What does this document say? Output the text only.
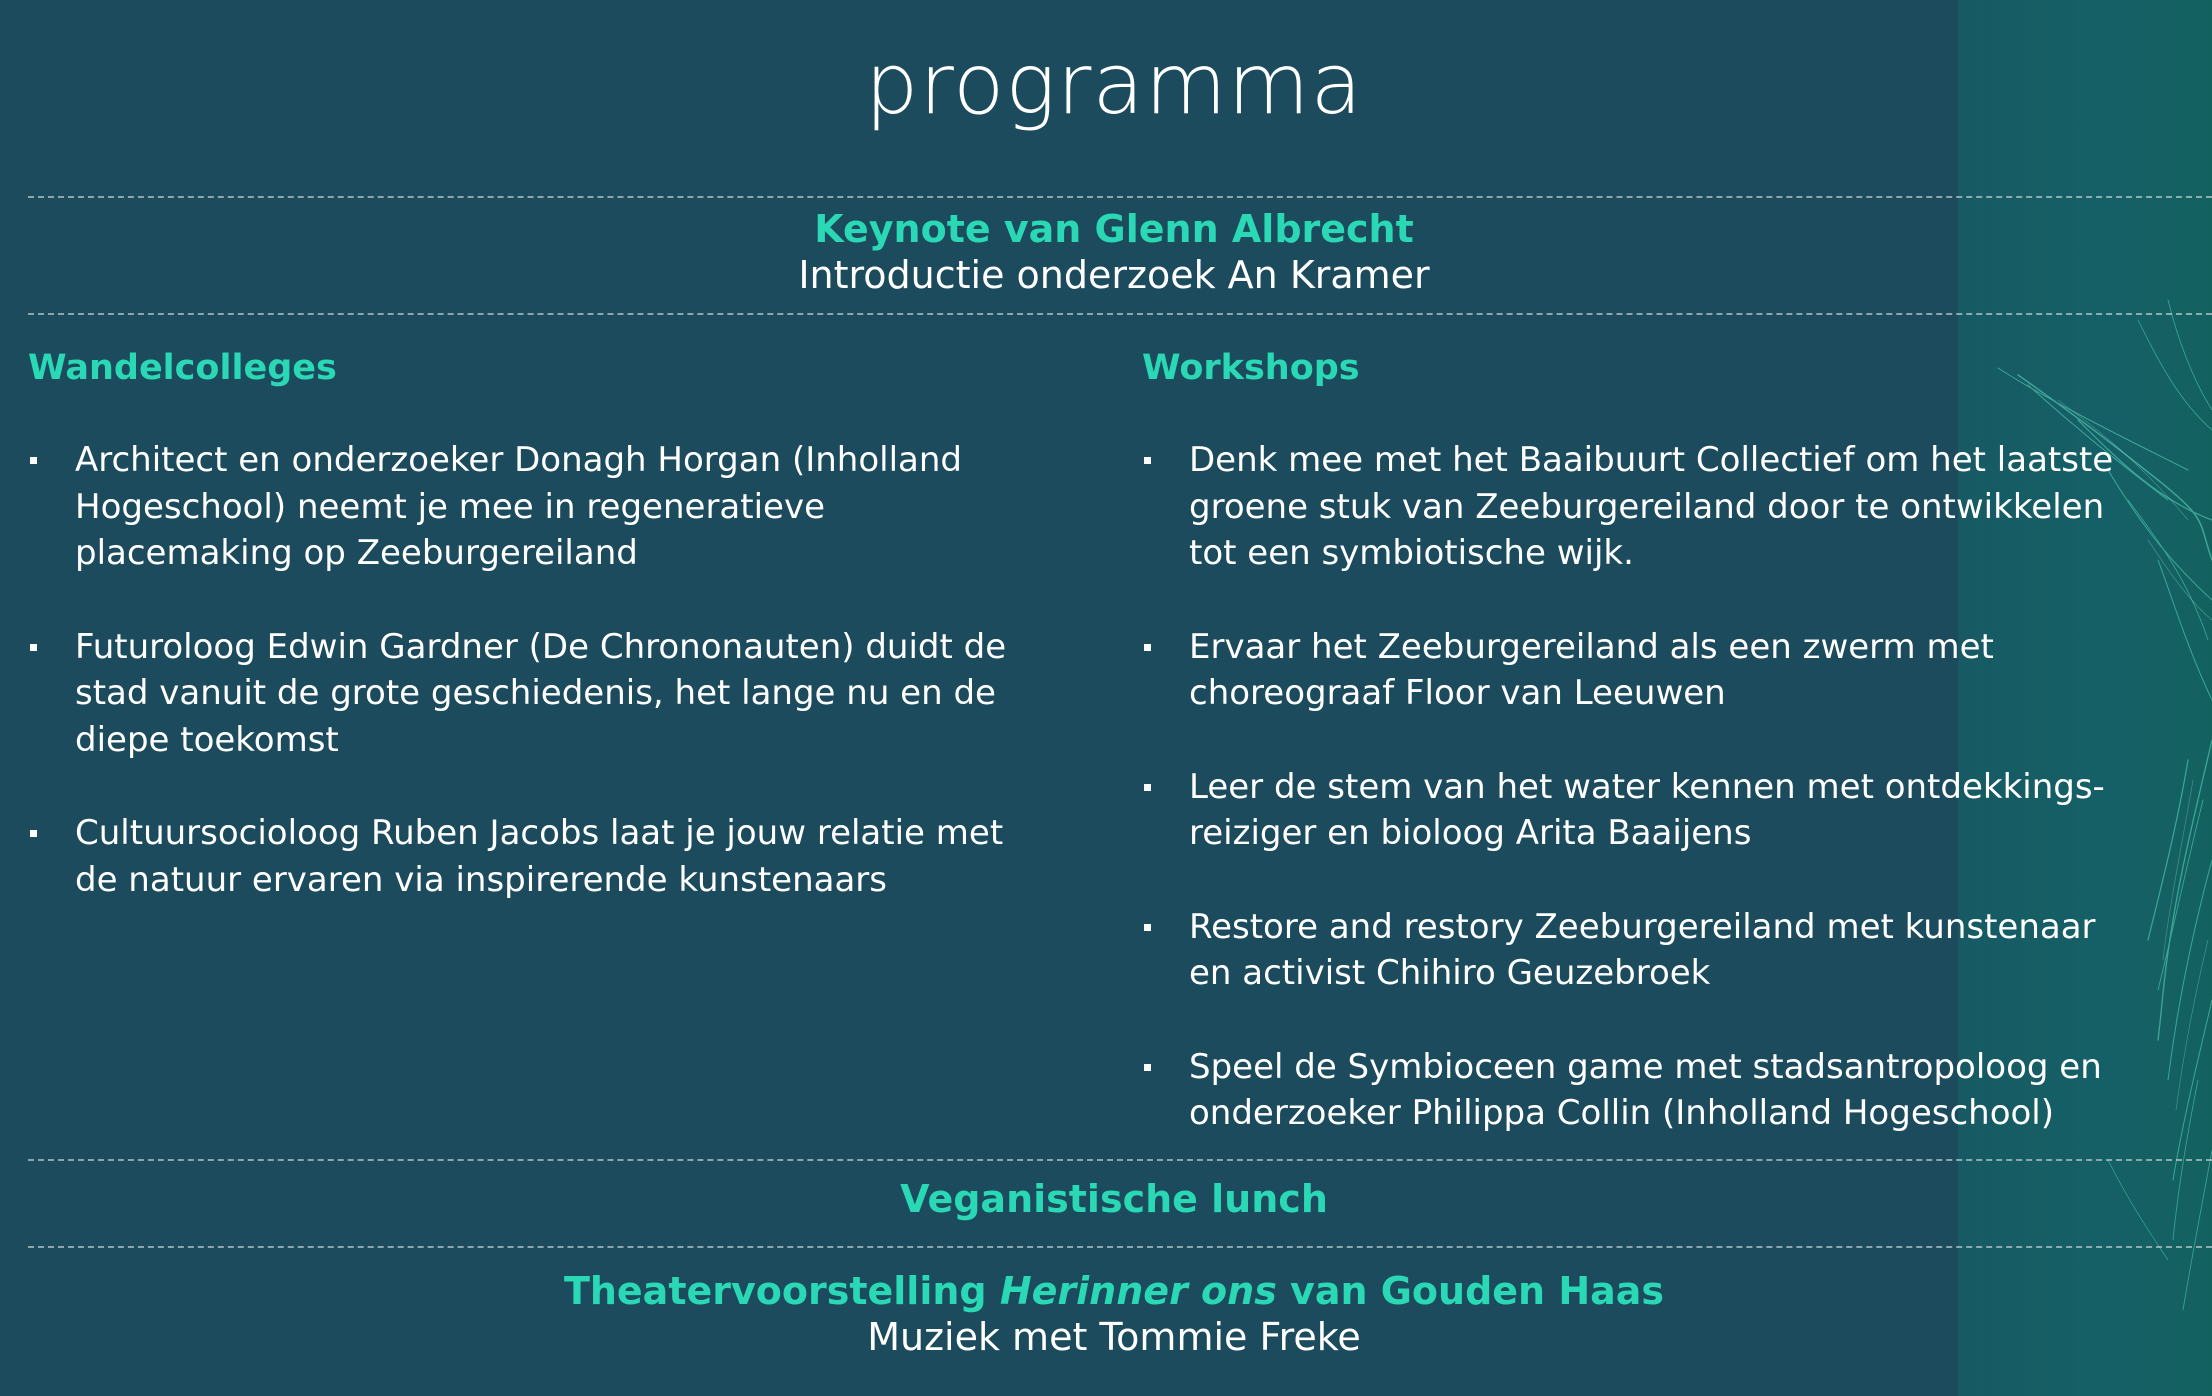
programma
Keynote van Glenn Albrecht
Introductie onderzoek An Kramer
Wandelcolleges
Architect en onderzoeker Donagh Horgan (Inholland Hogeschool) neemt je mee in regeneratieve placemaking op Zeeburgereiland
Futuroloog Edwin Gardner (De Chrononauten) duidt de stad vanuit de grote geschiedenis, het lange nu en de diepe toekomst
Cultuursocioloog Ruben Jacobs laat je jouw relatie met de natuur ervaren via inspirerende kunstenaars
Workshops
Denk mee met het Baaibuurt Collectief om het laatste groene stuk van Zeeburgereiland door te ontwikkelen tot een symbiotische wijk.
Ervaar het Zeeburgereiland als een zwerm met choreograaf Floor van Leeuwen
Leer de stem van het water kennen met ontdekkings-reiziger en bioloog Arita Baaijens
Restore and restory Zeeburgereiland met kunstenaar en activist Chihiro Geuzebroek
Speel de Symbioceen game met stadsantropoloog en onderzoeker Philippa Collin (Inholland Hogeschool)
Veganistische lunch
Theatervoorstelling Herinner ons van Gouden Haas
Muziek met Tommie Freke
